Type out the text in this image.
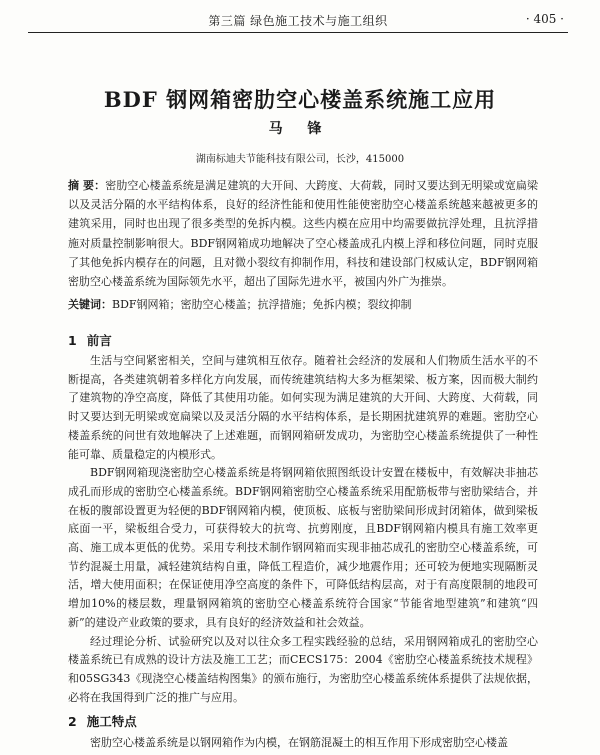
第三篇 绿色施工技术与施工组织	· 405 ·
BDF 钢网箱密肋空心楼盖系统施工应用
马 锋
湖南标迪夫节能科技有限公司，长沙，415000
摘 要：密肋空心楼盖系统是满足建筑的大开间、大跨度、大荷载，同时又要达到无明梁或宽扁梁以及灵活分隔的水平结构体系，良好的经济性能和使用性能使密肋空心楼盖系统越来越被更多的建筑采用，同时也出现了很多类型的免拆内模。这些内模在应用中均需要做抗浮处理，且抗浮措施对质量控制影响很大。BDF钢网箱成功地解决了空心楼盖成孔内模上浮和移位问题，同时克服了其他免拆内模存在的问题，且对微小裂纹有抑制作用，科技和建设部门权威认定，BDF钢网箱密肋空心楼盖系统为国际领先水平，超出了国际先进水平，被国内外广为推崇。
关键词：BDF钢网箱；密肋空心楼盖；抗浮措施；免拆内模；裂纹抑制
1 前言

生活与空间紧密相关，空间与建筑相互依存。随着社会经济的发展和人们物质生活水平的不断提高，各类建筑朝着多样化方向发展，而传统建筑结构大多为框架梁、板方案，因而极大制约了建筑物的净空高度，降低了其使用功能。如何实现为满足建筑的大开间、大跨度、大荷载，同时又要达到无明梁或宽扁梁以及灵活分隔的水平结构体系，是长期困扰建筑界的难题。密肋空心楼盖系统的问世有效地解决了上述难题，而钢网箱研发成功，为密肋空心楼盖系统提供了一种性能可靠、质量稳定的内模形式。

BDF钢网箱现浇密肋空心楼盖系统是将钢网箱依照图纸设计安置在楼板中，有效解决非抽芯成孔而形成的密肋空心楼盖系统。BDF钢网箱密肋空心楼盖系统采用配筋板带与密肋梁结合，并在板的腹部设置更为轻便的BDF钢网箱内模，使顶板、底板与密肋梁间形成封闭箱体，做到梁板底面一平，梁板组合受力，可获得较大的抗弯、抗剪刚度，且BDF钢网箱内模具有施工效率更高、施工成本更低的优势。采用专利技术制作钢网箱而实现非抽芯成孔的密肋空心楼盖系统，可节约混凝土用量，减轻建筑结构自重，降低工程造价，减少地震作用；还可较为便地实现隔断灵活，增大使用面积；在保证使用净空高度的条件下，可降低结构层高，对于有高度限制的地段可增加10%的楼层数，理量钢网箱筑的密肋空心楼盖系统符合国家“节能省地型建筑”和建筑“四新”的建设产业政策的要求，具有良好的经济效益和社会效益。

经过理论分析、试验研究以及对以往众多工程实践经验的总结，采用钢网箱成孔的密肋空心楼盖系统已有成熟的设计方法及施工工艺；而CECS175：2004《密肋空心楼盖系统技术规程》和05SG343《现浇空心楼盖结构图集》的颁布施行，为密肋空心楼盖系统体系提供了法规依据，必将在我国得到广泛的推广与应用。

2 施工特点

密肋空心楼盖系统是以钢网箱作为内模，在钢筋混凝土的相互作用下形成密肋空心楼盖
